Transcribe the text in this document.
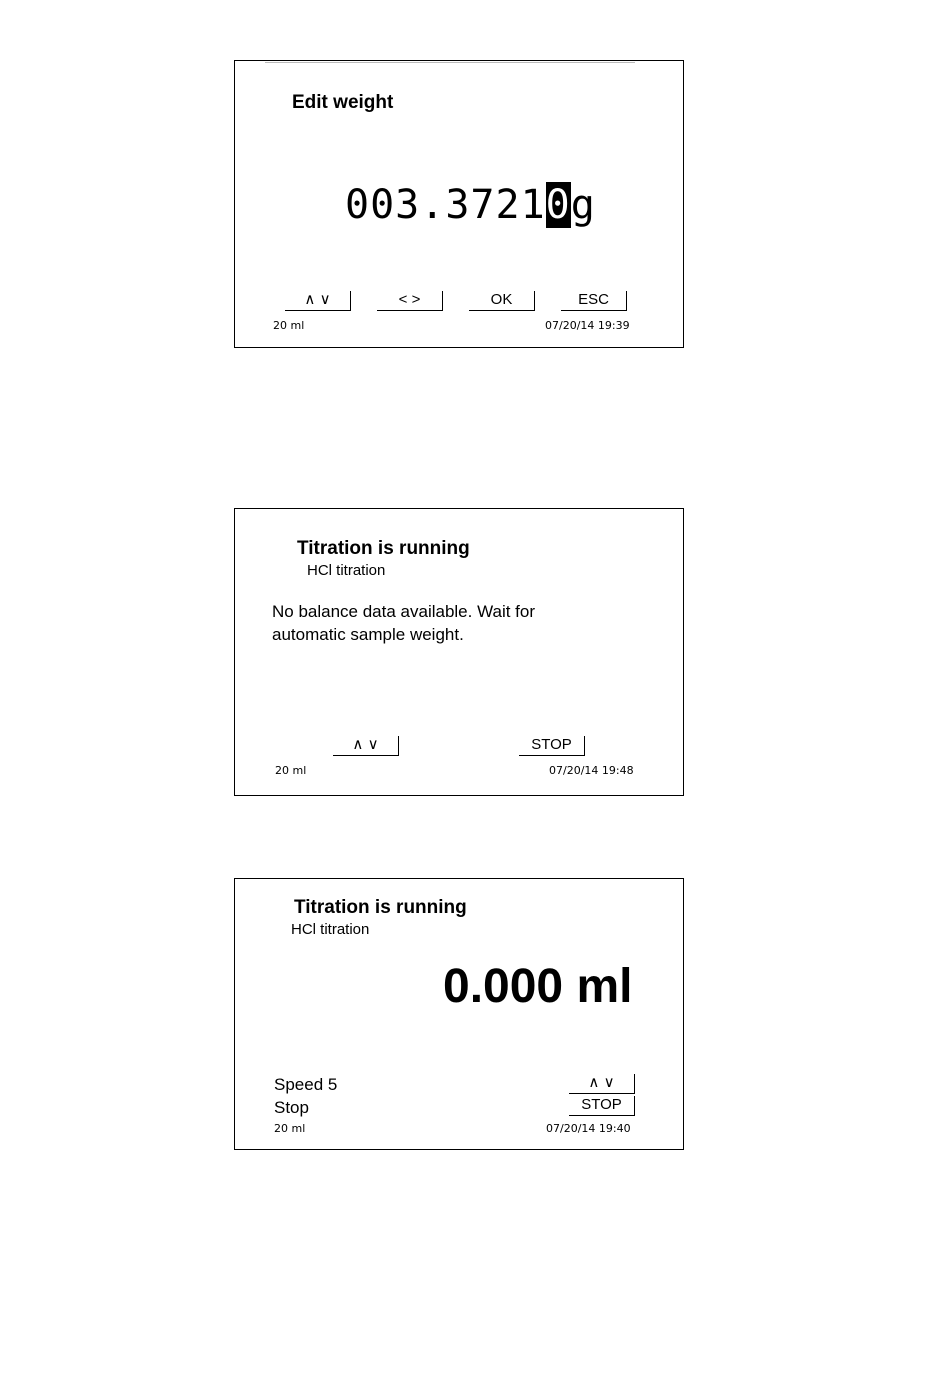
Edit weight
003.37210g
∧ ∨	< >	OK	ESC
20 ml	07/20/14 19:39
Titration is running
HCl titration
No balance data available. Wait for automatic sample weight.
∧ ∨	STOP
20 ml	07/20/14 19:48
Titration is running
HCl titration
0.000 ml
Speed 5
Stop
∧ ∨
STOP
20 ml	07/20/14 19:40
